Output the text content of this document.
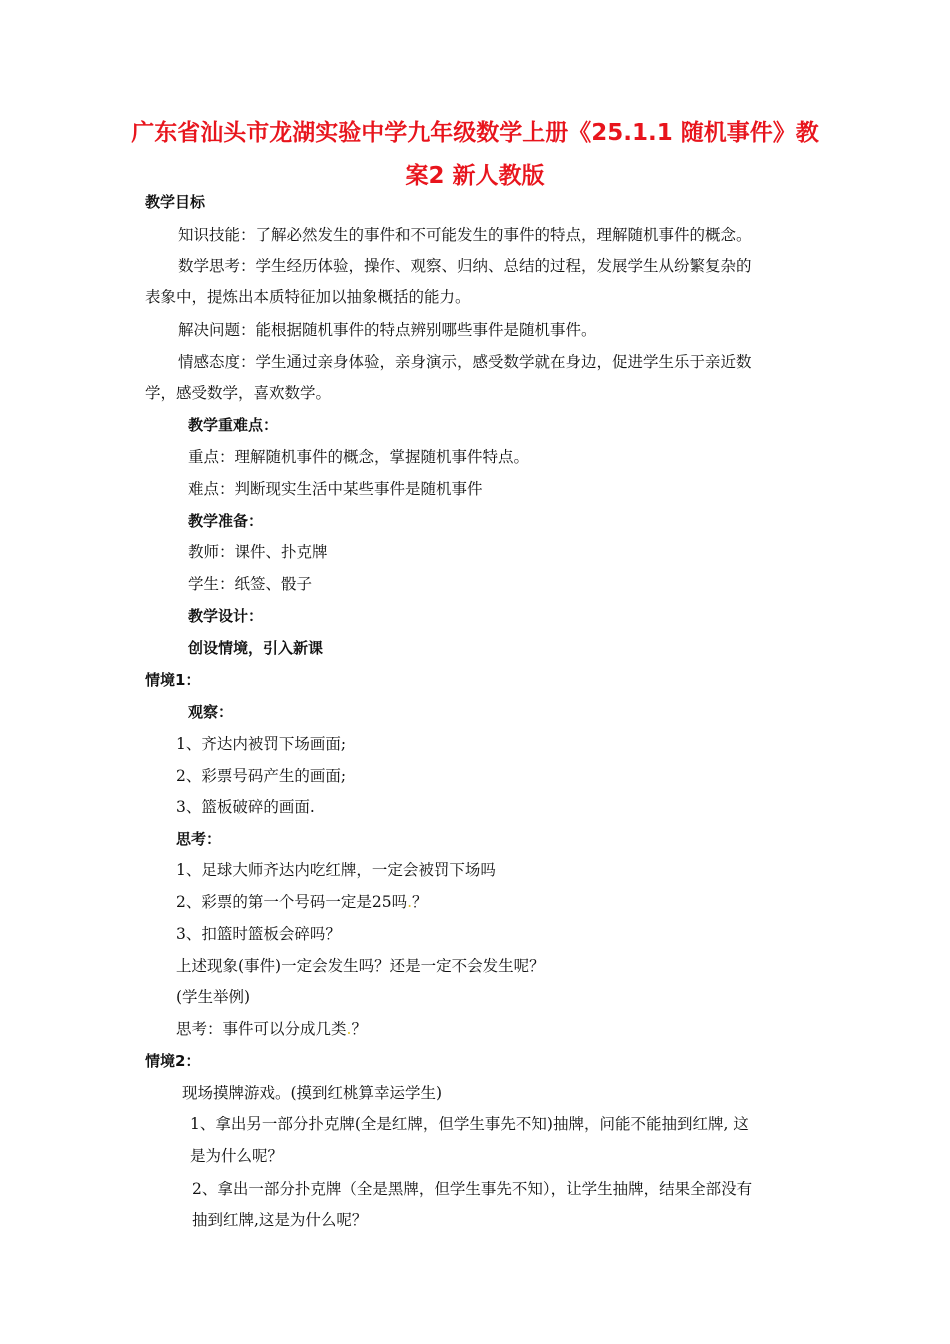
广东省汕头市龙湖实验中学九年级数学上册《25.1.1 随机事件》教案2 新人教版
教学目标
知识技能：了解必然发生的事件和不可能发生的事件的特点，理解随机事件的概念。
数学思考：学生经历体验，操作、观察、归纳、总结的过程，发展学生从纷繁复杂的
表象中，提炼出本质特征加以抽象概括的能力。
解决问题：能根据随机事件的特点辨别哪些事件是随机事件。
情感态度：学生通过亲身体验，亲身演示，感受数学就在身边，促进学生乐于亲近数
学，感受数学，喜欢数学。
教学重难点：
重点：理解随机事件的概念，掌握随机事件特点。
难点：判断现实生活中某些事件是随机事件
教学准备：
教师：课件、扑克牌
学生：纸签、骰子
教学设计：
创设情境，引入新课
情境1：
观察：
1、齐达内被罚下场画面;
2、彩票号码产生的画面;
3、篮板破碎的画面.
思考：
1、足球大师齐达内吃红牌，一定会被罚下场吗
2、彩票的第一个号码一定是25吗.？
3、扣篮时篮板会碎吗？
上述现象(事件)一定会发生吗？还是一定不会发生呢？
(学生举例)
思考：事件可以分成几类.？
情境2：
现场摸牌游戏。(摸到红桃算幸运学生)
1、拿出另一部分扑克牌(全是红牌，但学生事先不知)抽牌，问能不能抽到红牌, 这
是为什么呢？
2、拿出一部分扑克牌（全是黑牌，但学生事先不知），让学生抽牌，结果全部没有
抽到红牌,这是为什么呢？
